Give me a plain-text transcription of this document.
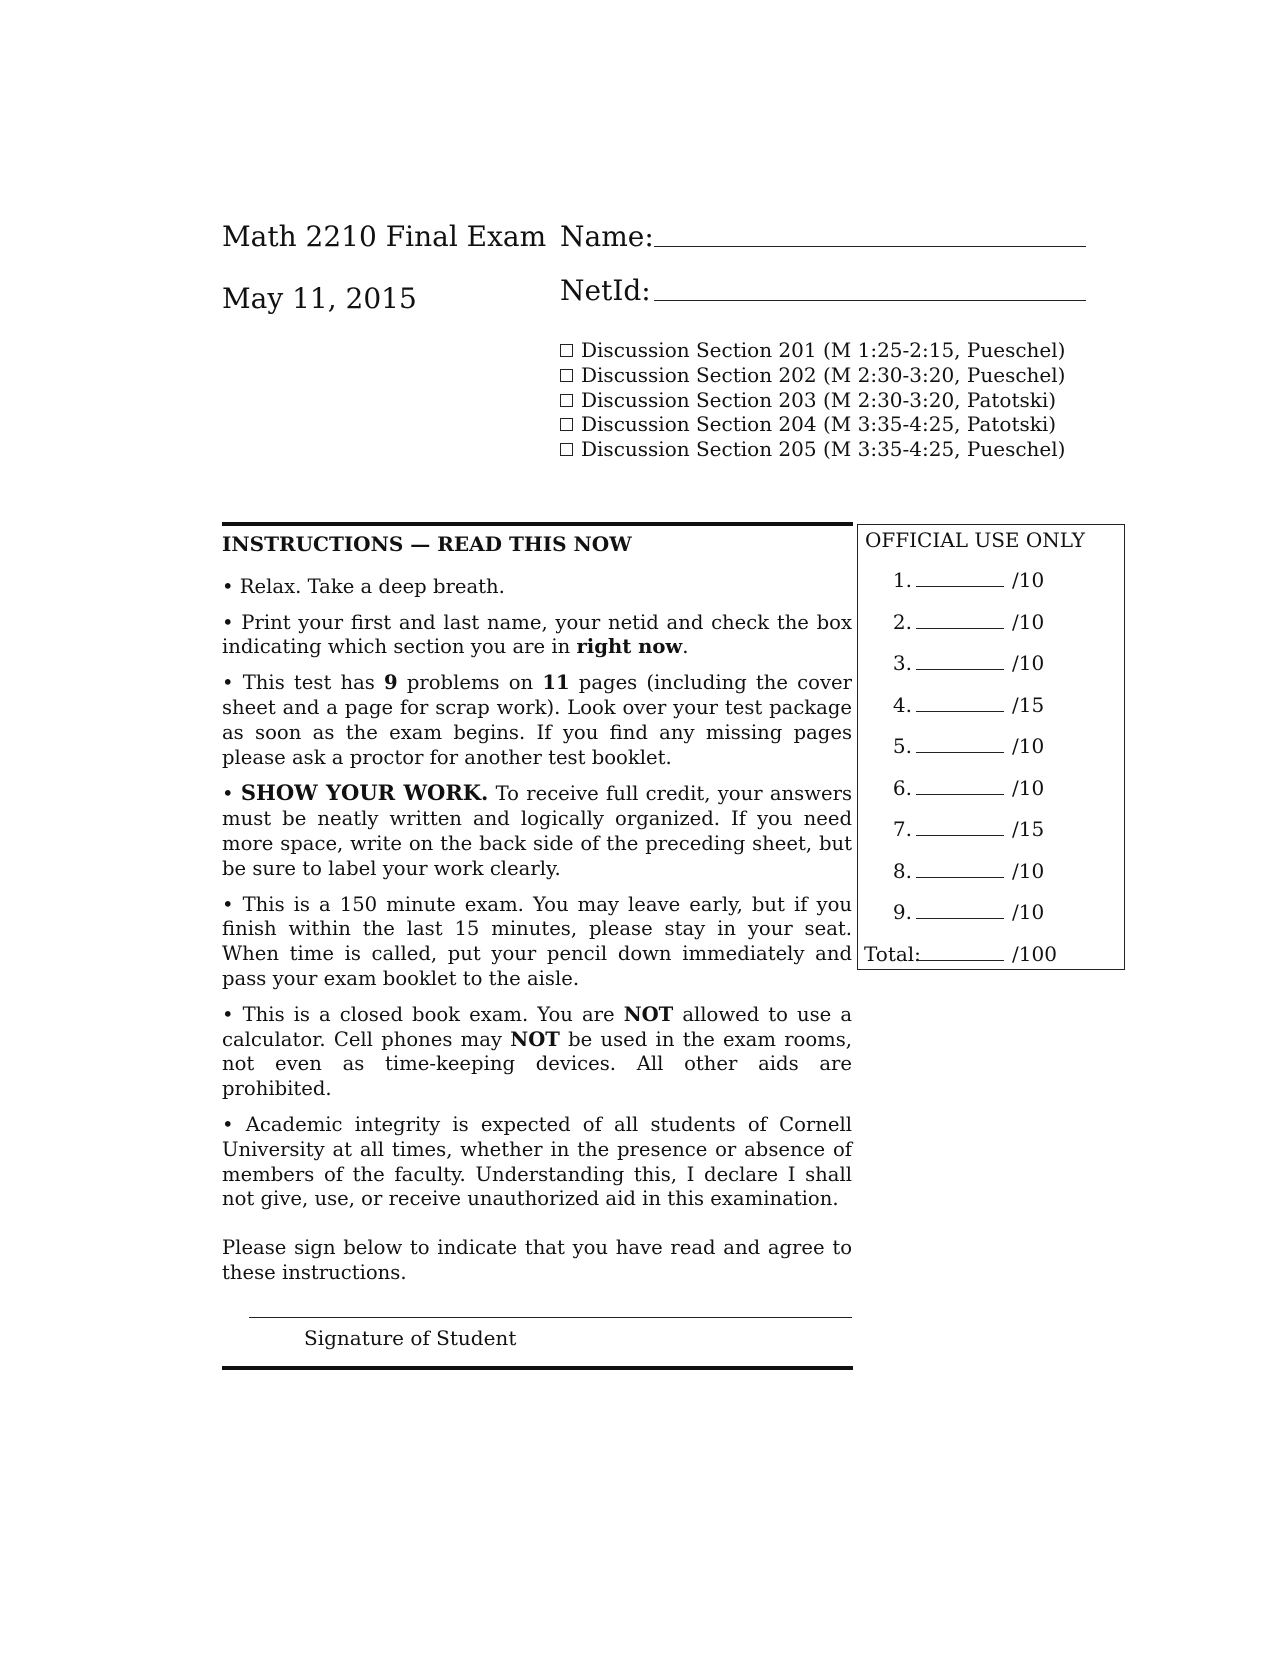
Math 2210 Final Exam
May 11, 2015
Name:
NetId:
Discussion Section 201 (M 1:25-2:15, Pueschel)
Discussion Section 202 (M 2:30-3:20, Pueschel)
Discussion Section 203 (M 2:30-3:20, Patotski)
Discussion Section 204 (M 3:35-4:25, Patotski)
Discussion Section 205 (M 3:35-4:25, Pueschel)
INSTRUCTIONS — READ THIS NOW
• Relax. Take a deep breath.
• Print your first and last name, your netid and check the box indicating which section you are in right now.
• This test has 9 problems on 11 pages (including the cover sheet and a page for scrap work). Look over your test package as soon as the exam begins. If you find any missing pages please ask a proctor for another test booklet.
• SHOW YOUR WORK. To receive full credit, your answers must be neatly written and logically organized. If you need more space, write on the back side of the preceding sheet, but be sure to label your work clearly.
• This is a 150 minute exam. You may leave early, but if you finish within the last 15 minutes, please stay in your seat. When time is called, put your pencil down immediately and pass your exam booklet to the aisle.
• This is a closed book exam. You are NOT allowed to use a calculator. Cell phones may NOT be used in the exam rooms, not even as time-keeping devices. All other aids are prohibited.
• Academic integrity is expected of all students of Cornell University at all times, whether in the presence or absence of members of the faculty. Understanding this, I declare I shall not give, use, or receive unauthorized aid in this examination.
Please sign below to indicate that you have read and agree to these instructions.
Signature of Student
OFFICIAL USE ONLY
1.	/10
2.	/10
3.	/10
4.	/15
5.	/10
6.	/10
7.	/15
8.	/10
9.	/10
Total:	/100
